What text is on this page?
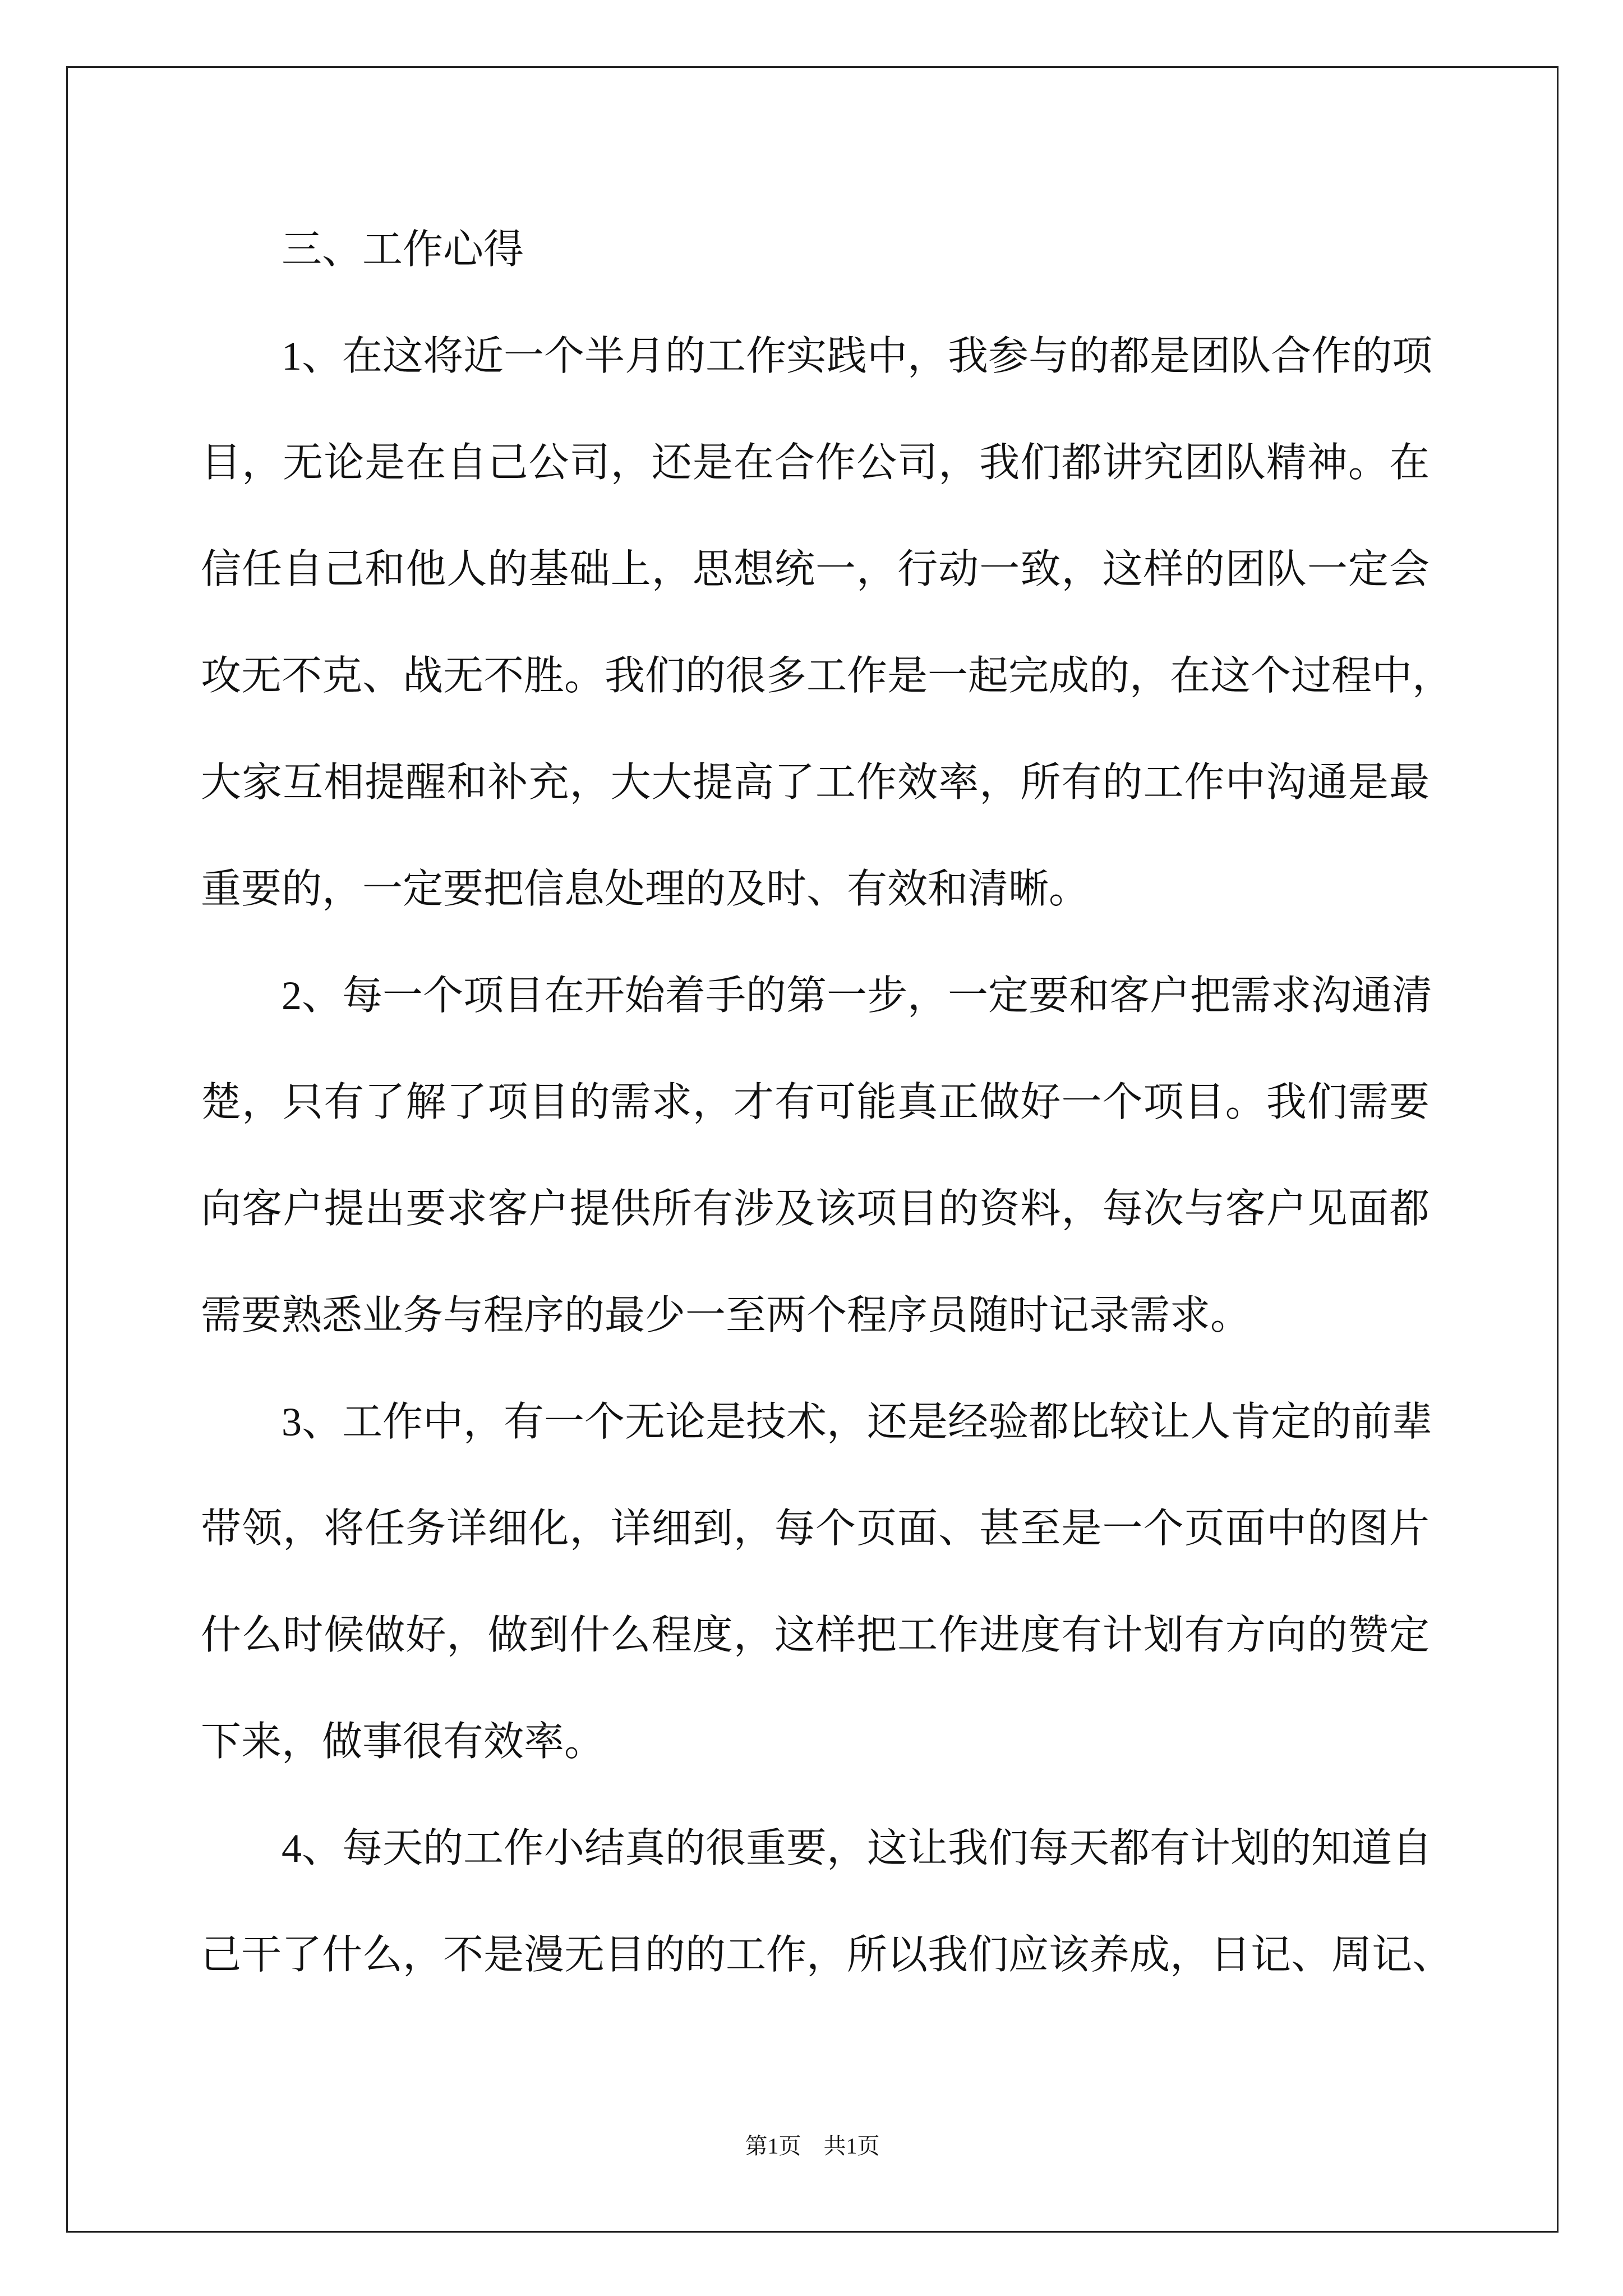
三、工作心得
1、在这将近一个半月的工作实践中，我参与的都是团队合作的项
目，无论是在自己公司，还是在合作公司，我们都讲究团队精神。在
信任自己和他人的基础上，思想统一，行动一致，这样的团队一定会
攻无不克、战无不胜。我们的很多工作是一起完成的，在这个过程中，
大家互相提醒和补充，大大提高了工作效率，所有的工作中沟通是最
重要的，一定要把信息处理的及时、有效和清晰。
2、每一个项目在开始着手的第一步，一定要和客户把需求沟通清
楚，只有了解了项目的需求，才有可能真正做好一个项目。我们需要
向客户提出要求客户提供所有涉及该项目的资料，每次与客户见面都
需要熟悉业务与程序的最少一至两个程序员随时记录需求。
3、工作中，有一个无论是技术，还是经验都比较让人肯定的前辈
带领，将任务详细化，详细到，每个页面、甚至是一个页面中的图片
什么时候做好，做到什么程度，这样把工作进度有计划有方向的赞定
下来，做事很有效率。
4、每天的工作小结真的很重要，这让我们每天都有计划的知道自
己干了什么，不是漫无目的的工作，所以我们应该养成，日记、周记、
第1页　共1页
